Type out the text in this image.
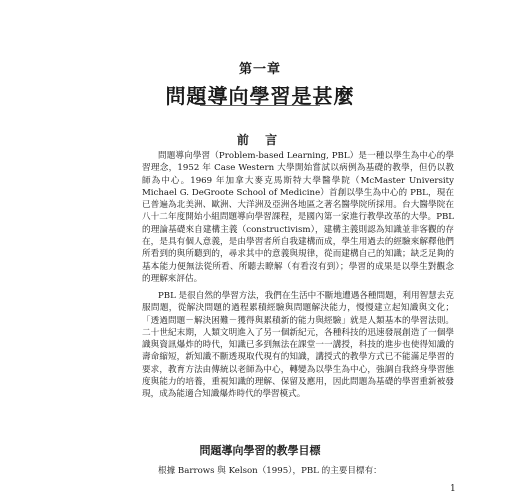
第一章
問題導向學習是甚麼
前 言

問題導向學習（Problem-based Learning, PBL）是一種以學生為中心的學習理念，1952 年 Case Western 大學開始嘗試以病例為基礎的教學，但仍以教師為中心。1969 年加拿大麥克馬斯特大學醫學院（McMaster University Michael G. DeGroote School of Medicine）首創以學生為中心的 PBL，現在已普遍為北美洲、歐洲、大洋洲及亞洲各地區之著名醫學院所採用。台大醫學院在八十二年度開始小組問題導向學習課程，是國內第一家進行教學改革的大學。PBL 的理論基礎來自建構主義（constructivism），建構主義則認為知識並非客觀的存在，是具有個人意義，是由學習者所自我建構而成，學生用過去的經驗來解釋他們所看到的與所聽到的，尋求其中的意義與規律，從而建構自己的知識；缺乏足夠的基本能力便無法從所看、所聽去瞭解（有看沒有到）；學習的成果是以學生對觀念的理解來評估。

PBL 是很自然的學習方法，我們在生活中不斷地遭遇各種問題，利用智慧去克服問題，從解決問題的過程累積經驗與問題解決能力，慢慢建立起知識與文化；「透過問題－解決困難－獲得與累積新的能力與經驗」就是人類基本的學習法則。二十世紀末期，人類文明進入了另一個新紀元，各種科技的迅速發展創造了一個學識與資訊爆炸的時代，知識已多到無法在課堂一一講授，科技的進步也使得知識的壽命縮短，新知識不斷透現取代現有的知識，講授式的教學方式已不能滿足學習的要求，教育方法由傳統以老師為中心，轉變為以學生為中心，強調自我終身學習態度與能力的培養，重視知識的理解、保留及應用，因此問題為基礎的學習重新被發現，成為能適合知識爆炸時代的學習模式。

問題導向學習的教學目標

根據 Barrows 與 Kelson（1995），PBL 的主要目標有：

1
